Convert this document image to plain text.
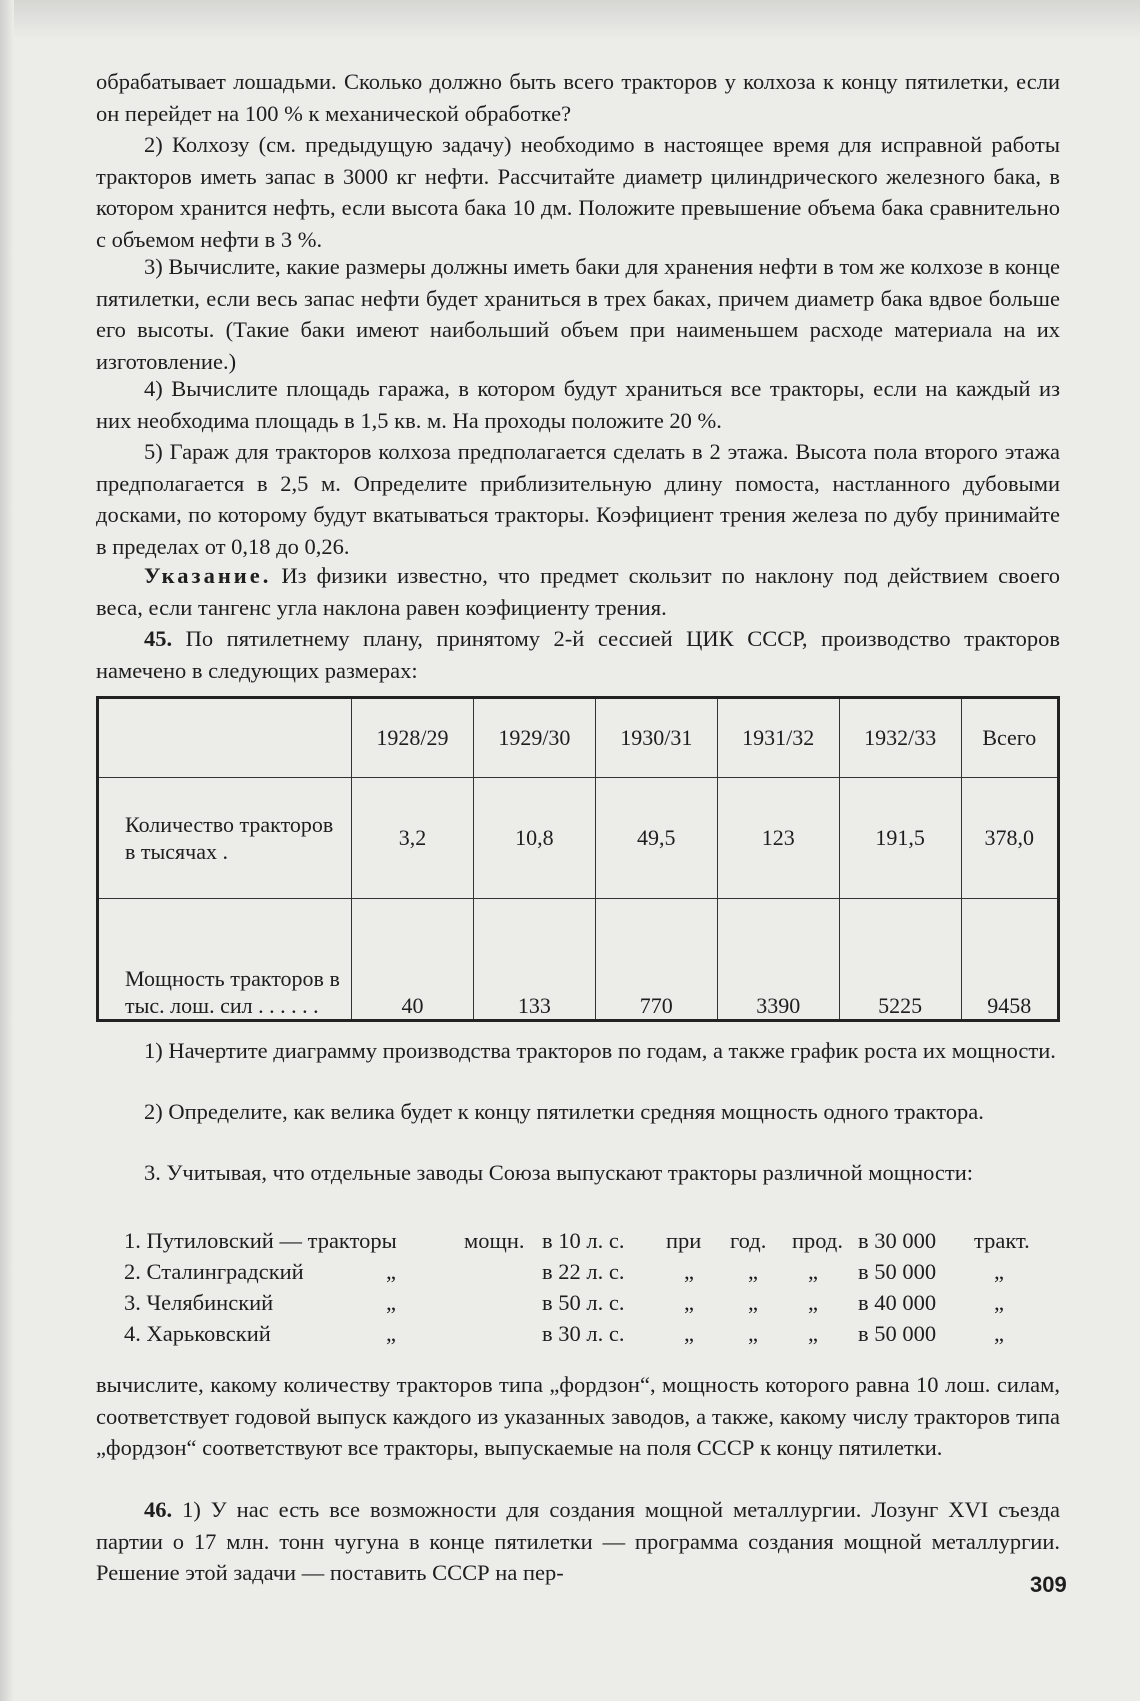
обрабатывает лошадьми. Сколько должно быть всего тракторов у колхоза к концу пятилетки, если он перейдет на 100 % к механической обработке?

2) Колхозу (см. предыдущую задачу) необходимо в настоящее время для исправной работы тракторов иметь запас в 3000 кг нефти. Рассчитайте диаметр цилиндрического железного бака, в котором хранится нефть, если высота бака 10 дм. Положите превышение объема бака сравнительно с объемом нефти в 3 %.

3) Вычислите, какие размеры должны иметь баки для хранения нефти в том же колхозе в конце пятилетки, если весь запас нефти будет храниться в трех баках, причем диаметр бака вдвое больше его высоты. (Такие баки имеют наибольший объем при наименьшем расходе материала на их изготовление.)

4) Вычислите площадь гаража, в котором будут храниться все тракторы, если на каждый из них необходима площадь в 1,5 кв. м. На проходы положите 20 %.

5) Гараж для тракторов колхоза предполагается сделать в 2 этажа. Высота пола второго этажа предполагается в 2,5 м. Определите приблизительную длину помоста, настланного дубовыми досками, по которому будут вкатываться тракторы. Коэфициент трения железа по дубу принимайте в пределах от 0,18 до 0,26.

Указание. Из физики известно, что предмет скользит по наклону под действием своего веса, если тангенс угла наклона равен коэфициенту трения.

45. По пятилетнему плану, принятому 2-й сессией ЦИК СССР, производство тракторов намечено в следующих размерах:

	1928/29	1929/30	1930/31	1931/32	1932/33	Всего
Количество тракторов в тысячах .	3,2	10,8	49,5	123	191,5	378,0
Мощность тракторов в тыс. лош. сил . . . . . .	40	133	770	3390	5225	9458

1) Начертите диаграмму производства тракторов по годам, а также график роста их мощности.

2) Определите, как велика будет к концу пятилетки средняя мощность одного трактора.

3. Учитывая, что отдельные заводы Союза выпускают тракторы различной мощности:

1. Путиловский — тракторы	мощн. в 10 л. с. при год. прод. в 30 000 тракт.
2. Сталинградский	„	в 22 л. с.	„ „ „ в 50 000	„
3. Челябинский	„	в 50 л. с.	„ „ „ в 40 000	„
4. Харьковский	„	в 30 л. с.	„ „ „ в 50 000	„

вычислите, какому количеству тракторов типа „фордзон“, мощность которого равна 10 лош. силам, соответствует годовой выпуск каждого из указанных заводов, а также, какому числу тракторов типа „фордзон“ соответствуют все тракторы, выпускаемые на поля СССР к концу пятилетки.

46. 1) У нас есть все возможности для создания мощной металлургии. Лозунг XVI съезда партии о 17 млн. тонн чугуна в конце пятилетки — программа создания мощной металлургии. Решение этой задачи — поставить СССР на пер-	309
